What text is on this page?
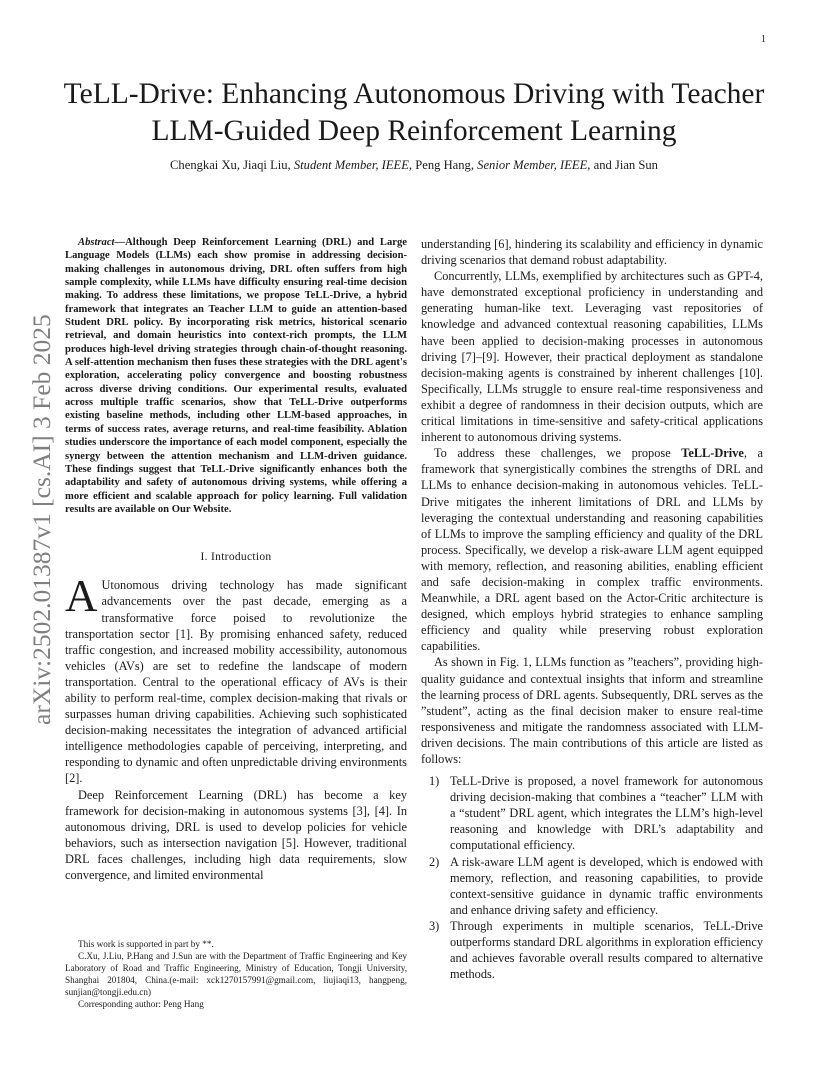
1
arXiv:2502.01387v1 [cs.AI] 3 Feb 2025
TeLL-Drive: Enhancing Autonomous Driving with Teacher LLM-Guided Deep Reinforcement Learning
Chengkai Xu, Jiaqi Liu, Student Member, IEEE, Peng Hang, Senior Member, IEEE, and Jian Sun

Abstract—Although Deep Reinforcement Learning (DRL) and Large Language Models (LLMs) each show promise in addressing decision-making challenges in autonomous driving, DRL often suffers from high sample complexity, while LLMs have difficulty ensuring real-time decision making. To address these limitations, we propose TeLL-Drive, a hybrid framework that integrates an Teacher LLM to guide an attention-based Student DRL policy. By incorporating risk metrics, historical scenario retrieval, and domain heuristics into context-rich prompts, the LLM produces high-level driving strategies through chain-of-thought reasoning. A self-attention mechanism then fuses these strategies with the DRL agent's exploration, accelerating policy convergence and boosting robustness across diverse driving conditions. Our experimental results, evaluated across multiple traffic scenarios, show that TeLL-Drive outperforms existing baseline methods, including other LLM-based approaches, in terms of success rates, average returns, and real-time feasibility. Ablation studies underscore the importance of each model component, especially the synergy between the attention mechanism and LLM-driven guidance. These findings suggest that TeLL-Drive significantly enhances both the adaptability and safety of autonomous driving systems, while offering a more efficient and scalable approach for policy learning. Full validation results are available on Our Website.

I. Introduction

A Utonomous driving technology has made significant advancements over the past decade, emerging as a transformative force poised to revolutionize the transportation sector [1]. By promising enhanced safety, reduced traffic congestion, and increased mobility accessibility, autonomous vehicles (AVs) are set to redefine the landscape of modern transportation. Central to the operational efficacy of AVs is their ability to perform real-time, complex decision-making that rivals or surpasses human driving capabilities. Achieving such sophisticated decision-making necessitates the integration of advanced artificial intelligence methodologies capable of perceiving, interpreting, and responding to dynamic and often unpredictable driving environments [2].

Deep Reinforcement Learning (DRL) has become a key framework for decision-making in autonomous systems [3], [4]. In autonomous driving, DRL is used to develop policies for vehicle behaviors, such as intersection navigation [5]. However, traditional DRL faces challenges, including high data requirements, slow convergence, and limited environmental

This work is supported in part by **.

C.Xu, J.Liu, P.Hang and J.Sun are with the Department of Traffic Engineering and Key Laboratory of Road and Traffic Engineering, Ministry of Education, Tongji University, Shanghai 201804, China.(e-mail: xck1270157991@gmail.com, liujiaqi13, hangpeng, sunjian@tongji.edu.cn)

Corresponding author: Peng Hang

understanding [6], hindering its scalability and efficiency in dynamic driving scenarios that demand robust adaptability.

Concurrently, LLMs, exemplified by architectures such as GPT-4, have demonstrated exceptional proficiency in understanding and generating human-like text. Leveraging vast repositories of knowledge and advanced contextual reasoning capabilities, LLMs have been applied to decision-making processes in autonomous driving [7]–[9]. However, their practical deployment as standalone decision-making agents is constrained by inherent challenges [10]. Specifically, LLMs struggle to ensure real-time responsiveness and exhibit a degree of randomness in their decision outputs, which are critical limitations in time-sensitive and safety-critical applications inherent to autonomous driving systems.

To address these challenges, we propose TeLL-Drive, a framework that synergistically combines the strengths of DRL and LLMs to enhance decision-making in autonomous vehicles. TeLL-Drive mitigates the inherent limitations of DRL and LLMs by leveraging the contextual understanding and reasoning capabilities of LLMs to improve the sampling efficiency and quality of the DRL process. Specifically, we develop a risk-aware LLM agent equipped with memory, reflection, and reasoning abilities, enabling efficient and safe decision-making in complex traffic environments. Meanwhile, a DRL agent based on the Actor-Critic architecture is designed, which employs hybrid strategies to enhance sampling efficiency and quality while preserving robust exploration capabilities.

As shown in Fig. 1, LLMs function as ”teachers”, providing high-quality guidance and contextual insights that inform and streamline the learning process of DRL agents. Subsequently, DRL serves as the ”student”, acting as the final decision maker to ensure real-time responsiveness and mitigate the randomness associated with LLM-driven decisions. The main contributions of this article are listed as follows:

1) TeLL-Drive is proposed, a novel framework for autonomous driving decision-making that combines a “teacher” LLM with a “student” DRL agent, which integrates the LLM’s high-level reasoning and knowledge with DRL’s adaptability and computational efficiency.
2) A risk-aware LLM agent is developed, which is endowed with memory, reflection, and reasoning capabilities, to provide context-sensitive guidance in dynamic traffic environments and enhance driving safety and efficiency.
3) Through experiments in multiple scenarios, TeLL-Drive outperforms standard DRL algorithms in exploration efficiency and achieves favorable overall results compared to alternative methods.
